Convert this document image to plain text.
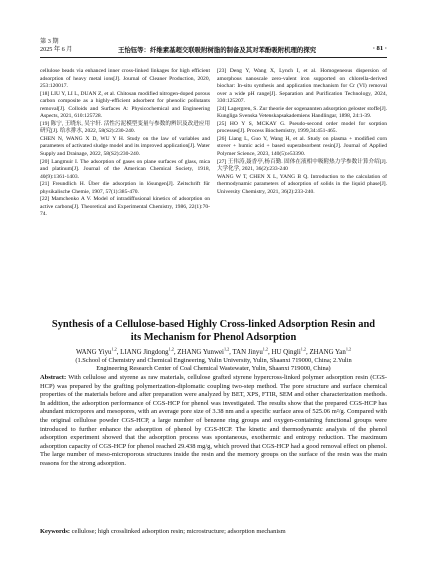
第 3 期
2025 年 6 月	王怡钰等：纤维素基超交联吸附树脂的制备及其对苯酚吸附机理的探究	· 81 ·

cellulose beads via enhanced inner cross-linked linkages for high efficient adsorption of heavy metal ions[J]. Journal of Cleaner Production, 2020, 253:120017.

[18] LIU Y, LI L, DUAN Z, et al. Chitosan modified nitrogen-doped porous carbon composite as a highly-efficient adsorbent for phenolic pollutants removal[J]. Colloids and Surfaces A: Physicochemical and Engineering Aspects, 2021, 610:125728.

[19] 陈宁, 王晓东, 吴宇轩. 活性污泥模型变量与参数的辨识及改进应用研究[J]. 给水排水, 2022, 58(S2):230-240.

CHEN N, WANG X D, WU Y H. Study on the law of variables and parameters of activated sludge model and its improved application[J]. Water Supply and Drainage, 2022, 58(S2):230-240.

[20] Langmuir I. The adsorption of gases on plane surfaces of glass, mica and platinum[J]. Journal of the American Chemical Society, 1918, 40(9):1361-1403.

[21] Freundlich H. Über die adsorption in lösungen[J]. Zeitschrift für physikalische Chemie, 1907, 57(1):385-470.

[22] Mamchenko A V. Model of intradiffusional kinetics of adsorption on active carbons[J]. Theoretical and Experimental Chemistry, 1986, 22(1):70-74.

[23] Deng Y, Wang X, Lynch I, et al. Homogeneous dispersion of amorphous nanoscale zero-valent iron supported on chlorella-derived biochar: In-situ synthesis and application mechanism for Cr (VI) removal over a wide pH range[J]. Separation and Purification Technology, 2024, 330:125207.

[24] Lagergren, S. Zur theorie der sogenannten adsorption geloster stoffe[J]. Kungliga Svenska Vetenskapsakademiens Handlingar, 1898, 24:1-39.

[25] HO Y S, MCKAY G. Pseudo-second order model for sorption processes[J]. Process Biochemistry, 1999,34:451-465.

[26] Liang L, Guo Y, Wang H, et al. Study on plasma + modified corn stover + humic acid + based superabsorbent resin[J]. Journal of Applied Polymer Science, 2023, 140(5):e53390.

[27] 王伟涛,聂香亭,杨百勤. 固体在液相中吸附热力学参数计算介绍[J]. 大学化学, 2021, 36(2):233-240

WANG W T, CHEN X L, YANG B Q. Introduction to the calculation of thermodynamic parameters of adsorption of solids in the liquid phase[J]. University Chemistry, 2021, 36(2):233-240.

Synthesis of a Cellulose-based Highly Cross-linked Adsorption Resin and
its Mechanism for Phenol Adsorption
WANG Yiyu$^{1,2}$, LIANG Jingdong$^{1,2}$, ZHANG Yunwei$^{1,2}$, TAN Jinyu$^{1,2}$, HU Qingli$^{1,2}$, ZHANG Yan$^{1,2}$
(1.School of Chemistry and Chemical Engineering, Yulin University, Yulin, Shaanxi 719000, China; 2.Yulin
Engineering Research Center of Coal Chemical Wastewater, Yulin, Shaanxi 719000, China)
Abstract: With cellulose and styrene as raw materials, cellulose grafted styrene hypercross-linked polymer adsorption resin (CGS-HCP) was prepared by the grafting polymerization-diplomatic coupling two-step method. The pore structure and surface chemical properties of the materials before and after preparation were analyzed by BET, XPS, FTIR, SEM and other characterization methods. In addition, the adsorption performance of CGS-HCP for phenol was investigated. The results show that the prepared CGS-HCP has abundant micropores and mesopores, with an average pore size of 3.38 nm and a specific surface area of 525.06 m²/g. Compared with the original cellulose powder CGS-HCP, a large number of benzene ring groups and oxygen-containing functional groups were introduced to further enhance the adsorption of phenol by CGS-HCP. The kinetic and thermodynamic analysis of the phenol adsorption experiment showed that the adsorption process was spontaneous, exothermic and entropy reduction. The maximum adsorption capacity of CGS-HCP for phenol reached 29.438 mg/g, which proved that CGS-HCP had a good removal effect on phenol. The large number of meso-microporous structures inside the resin and the memory groups on the surface of the resin was the main reasons for the strong adsorption.
Keywords: cellulose; high crosslinked adsorption resin; microstructure; adsorption mechanism
